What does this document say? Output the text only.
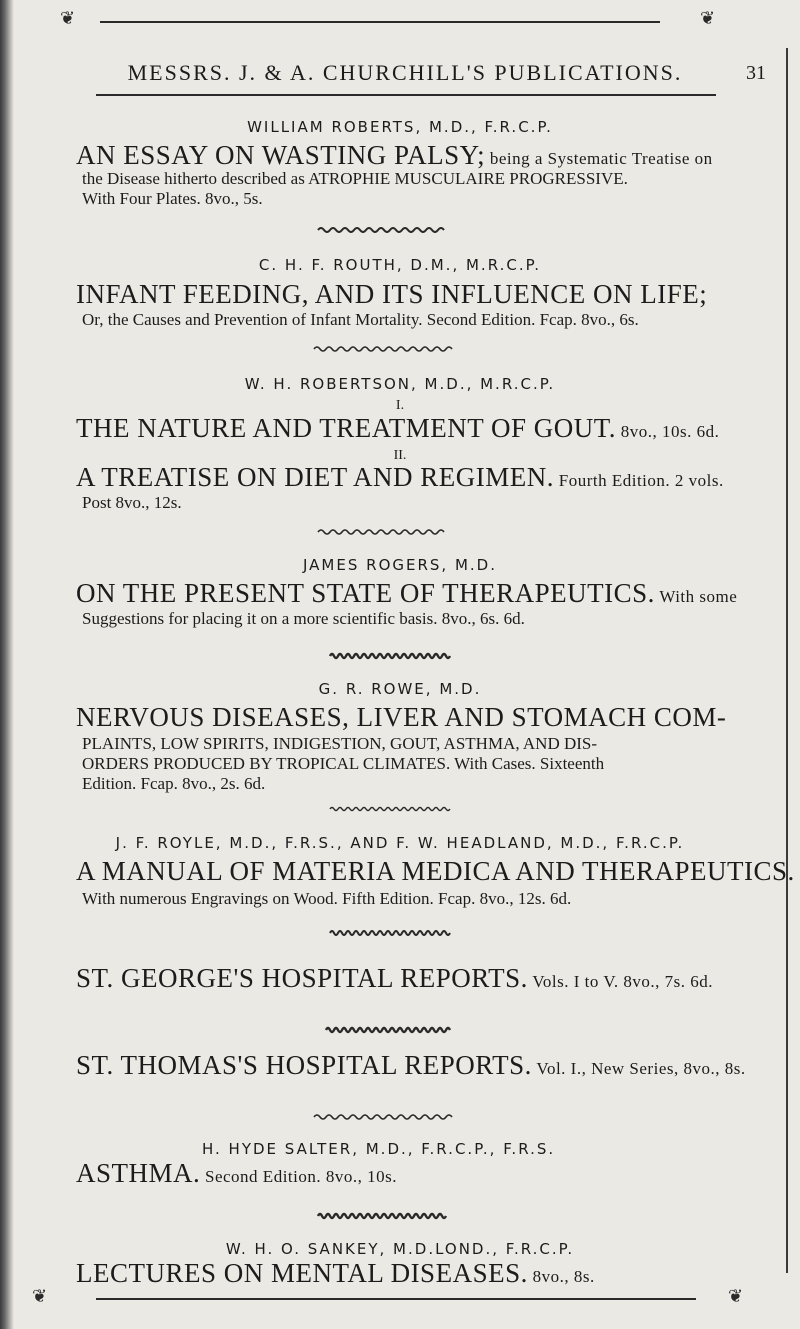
❦	❦
MESSRS. J. & A. CHURCHILL'S PUBLICATIONS.	31
WILLIAM ROBERTS, M.D., F.R.C.P.
AN ESSAY ON WASTING PALSY; being a Systematic Treatise on
the Disease hitherto described as ATROPHIE MUSCULAIRE PROGRESSIVE.
With Four Plates. 8vo., 5s.
C. H. F. ROUTH, D.M., M.R.C.P.
INFANT FEEDING, AND ITS INFLUENCE ON LIFE;
Or, the Causes and Prevention of Infant Mortality. Second Edition. Fcap. 8vo., 6s.
W. H. ROBERTSON, M.D., M.R.C.P.
I.
THE NATURE AND TREATMENT OF GOUT. 8vo., 10s. 6d.
II.
A TREATISE ON DIET AND REGIMEN. Fourth Edition. 2 vols.
Post 8vo., 12s.
JAMES ROGERS, M.D.
ON THE PRESENT STATE OF THERAPEUTICS. With some
Suggestions for placing it on a more scientific basis. 8vo., 6s. 6d.
G. R. ROWE, M.D.
NERVOUS DISEASES, LIVER AND STOMACH COM-
PLAINTS, LOW SPIRITS, INDIGESTION, GOUT, ASTHMA, AND DIS-
ORDERS PRODUCED BY TROPICAL CLIMATES. With Cases. Sixteenth
Edition. Fcap. 8vo., 2s. 6d.
J. F. ROYLE, M.D., F.R.S., AND F. W. HEADLAND, M.D., F.R.C.P.
A MANUAL OF MATERIA MEDICA AND THERAPEUTICS.
With numerous Engravings on Wood. Fifth Edition. Fcap. 8vo., 12s. 6d.
ST. GEORGE'S HOSPITAL REPORTS. Vols. I to V. 8vo., 7s. 6d.
ST. THOMAS'S HOSPITAL REPORTS. Vol. I., New Series, 8vo., 8s.
H. HYDE SALTER, M.D., F.R.C.P., F.R.S.
ASTHMA. Second Edition. 8vo., 10s.
W. H. O. SANKEY, M.D.LOND., F.R.C.P.
LECTURES ON MENTAL DISEASES. 8vo., 8s.
❦	❦
